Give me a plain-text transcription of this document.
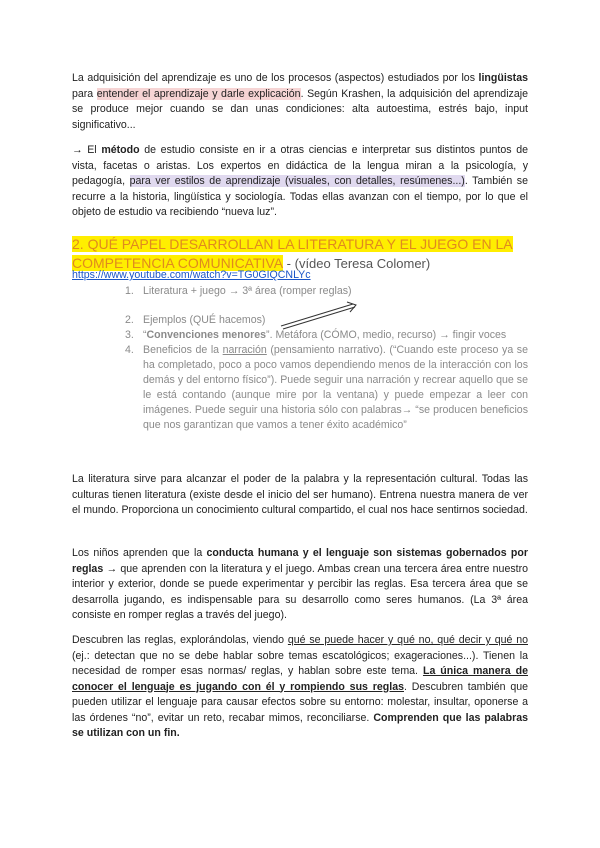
La adquisición del aprendizaje es uno de los procesos (aspectos) estudiados por los lingüistas para entender el aprendizaje y darle explicación. Según Krashen, la adquisición del aprendizaje se produce mejor cuando se dan unas condiciones: alta autoestima, estrés bajo, input significativo...

→ El método de estudio consiste en ir a otras ciencias e interpretar sus distintos puntos de vista, facetas o aristas. Los expertos en didáctica de la lengua miran a la psicología, y pedagogía, para ver estilos de aprendizaje (visuales, con detalles, resúmenes...). También se recurre a la historia, lingüística y sociología. Todas ellas avanzan con el tiempo, por lo que el objeto de estudio va recibiendo “nueva luz”.

2. QUÉ PAPEL DESARROLLAN LA LITERATURA Y EL JUEGO EN LA COMPETENCIA COMUNICATIVA - (vídeo Teresa Colomer)
https://www.youtube.com/watch?v=TG0GIQCNLYc
1. Literatura + juego → 3ª área (romper reglas)
2. Ejemplos (QUÉ hacemos)
3. “Convenciones menores”. Metáfora (CÓMO, medio, recurso) → fingir voces
4. Beneficios de la narración (pensamiento narrativo). (“Cuando este proceso ya se ha completado, poco a poco vamos dependiendo menos de la interacción con los demás y del entorno físico”). Puede seguir una narración y recrear aquello que se le está contando (aunque mire por la ventana) y puede empezar a leer con imágenes. Puede seguir una historia sólo con palabras→ “se producen beneficios que nos garantizan que vamos a tener éxito académico”

La literatura sirve para alcanzar el poder de la palabra y la representación cultural. Todas las culturas tienen literatura (existe desde el inicio del ser humano). Entrena nuestra manera de ver el mundo. Proporciona un conocimiento cultural compartido, el cual nos hace sentirnos sociedad.

Los niños aprenden que la conducta humana y el lenguaje son sistemas gobernados por reglas → que aprenden con la literatura y el juego. Ambas crean una tercera área entre nuestro interior y exterior, donde se puede experimentar y percibir las reglas. Esa tercera área que se desarrolla jugando, es indispensable para su desarrollo como seres humanos. (La 3ª área consiste en romper reglas a través del juego).

Descubren las reglas, explorándolas, viendo qué se puede hacer y qué no, qué decir y qué no (ej.: detectan que no se debe hablar sobre temas escatológicos; exageraciones...). Tienen la necesidad de romper esas normas/ reglas, y hablan sobre este tema. La única manera de conocer el lenguaje es jugando con él y rompiendo sus reglas. Descubren también que pueden utilizar el lenguaje para causar efectos sobre su entorno: molestar, insultar, oponerse a las órdenes “no”, evitar un reto, recabar mimos, reconciliarse. Comprenden que las palabras se utilizan con un fin.
